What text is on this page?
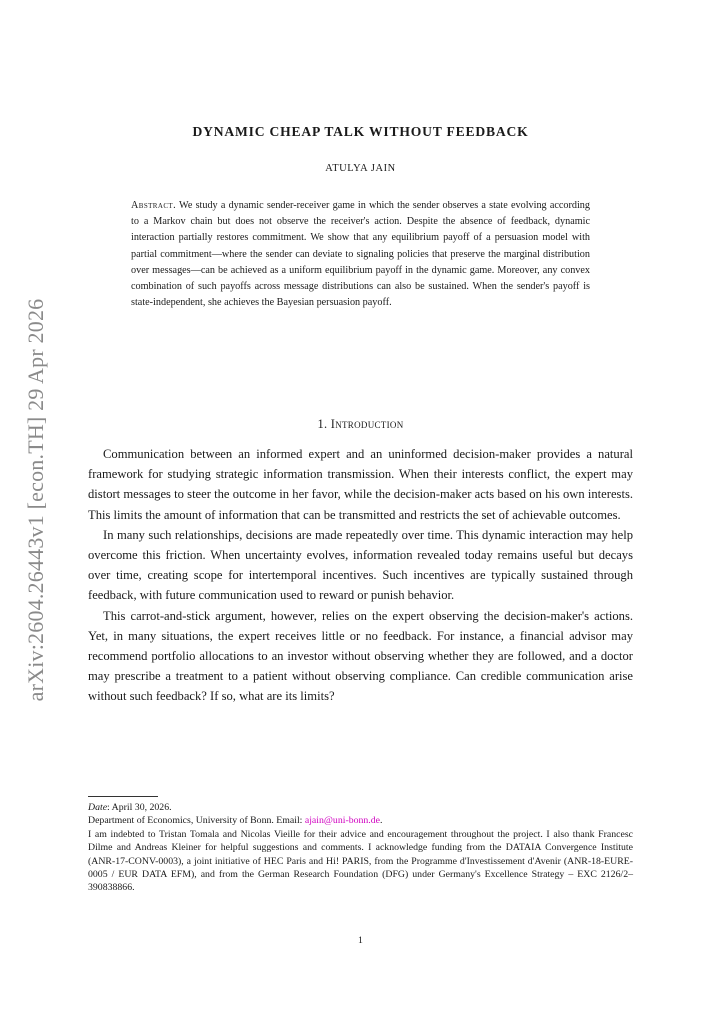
arXiv:2604.26443v1 [econ.TH] 29 Apr 2026
DYNAMIC CHEAP TALK WITHOUT FEEDBACK
ATULYA JAIN
Abstract. We study a dynamic sender-receiver game in which the sender observes a state evolving according to a Markov chain but does not observe the receiver's action. Despite the absence of feedback, dynamic interaction partially restores commitment. We show that any equilibrium payoff of a persuasion model with partial commitment—where the sender can deviate to signaling policies that preserve the marginal distribution over messages—can be achieved as a uniform equilibrium payoff in the dynamic game. Moreover, any convex combination of such payoffs across message distributions can also be sustained. When the sender's payoff is state-independent, she achieves the Bayesian persuasion payoff.
1. Introduction

Communication between an informed expert and an uninformed decision-maker provides a natural framework for studying strategic information transmission. When their interests conflict, the expert may distort messages to steer the outcome in her favor, while the decision-maker acts based on his own interests. This limits the amount of information that can be transmitted and restricts the set of achievable outcomes.

In many such relationships, decisions are made repeatedly over time. This dynamic interaction may help overcome this friction. When uncertainty evolves, information revealed today remains useful but decays over time, creating scope for intertemporal incentives. Such incentives are typically sustained through feedback, with future communication used to reward or punish behavior.

This carrot-and-stick argument, however, relies on the expert observing the decision-maker's actions. Yet, in many situations, the expert receives little or no feedback. For instance, a financial advisor may recommend portfolio allocations to an investor without observing whether they are followed, and a doctor may prescribe a treatment to a patient without observing compliance. Can credible communication arise without such feedback? If so, what are its limits?

Date: April 30, 2026.

Department of Economics, University of Bonn. Email: ajain@uni-bonn.de.

I am indebted to Tristan Tomala and Nicolas Vieille for their advice and encouragement throughout the project. I also thank Francesc Dilme and Andreas Kleiner for helpful suggestions and comments. I acknowledge funding from the DATAIA Convergence Institute (ANR-17-CONV-0003), a joint initiative of HEC Paris and Hi! PARIS, from the Programme d'Investissement d'Avenir (ANR-18-EURE-0005 / EUR DATA EFM), and from the German Research Foundation (DFG) under Germany's Excellence Strategy – EXC 2126/2–390838866.

1
